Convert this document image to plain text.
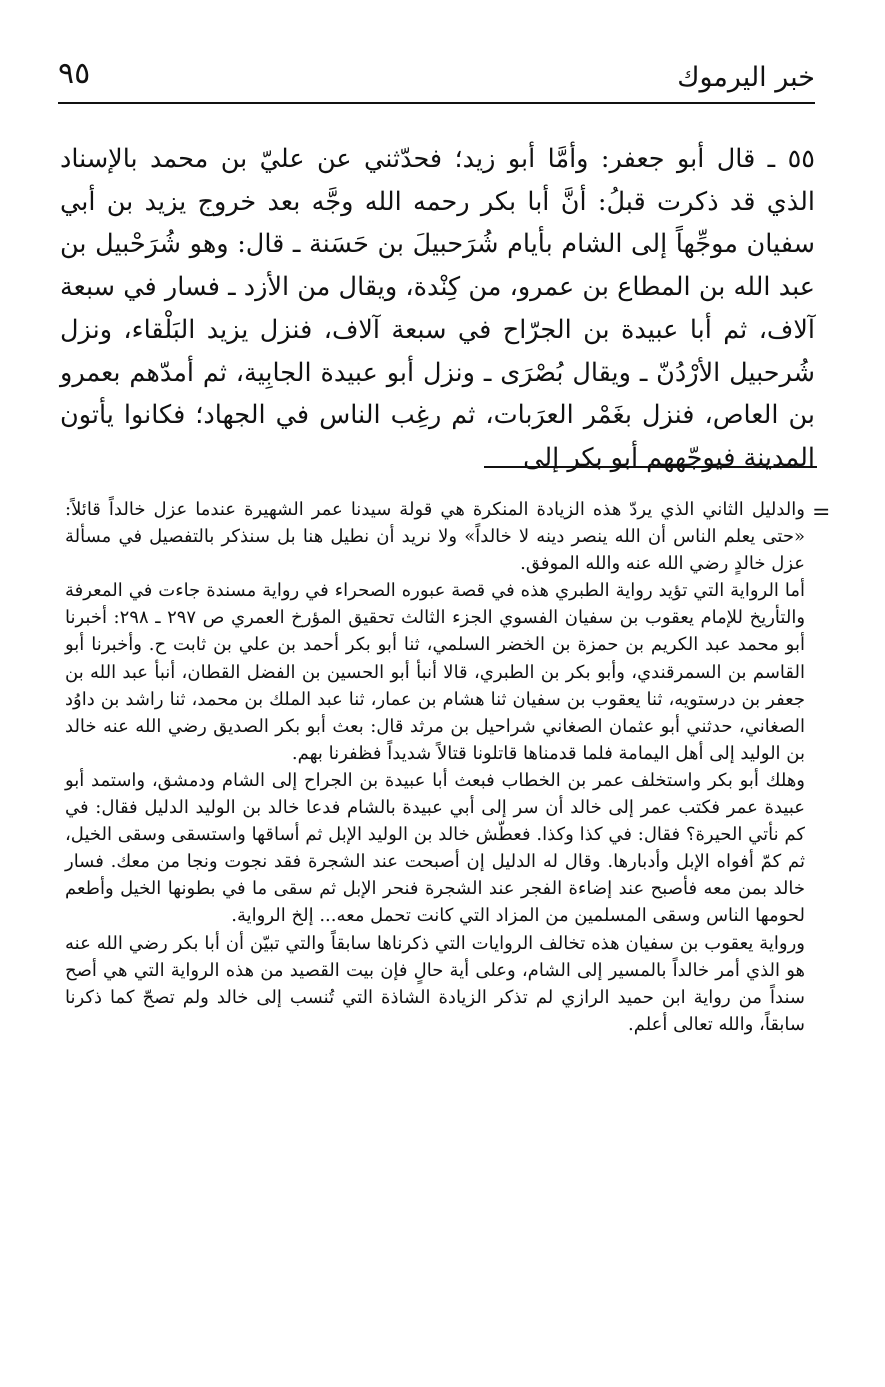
خبر اليرموك
٩٥

٥٥ ـ قال أبو جعفر: وأمَّا أبو زيد؛ فحدّثني عن عليّ بن محمد بالإسناد الذي قد ذكرت قبلُ: أنَّ أبا بكر رحمه الله وجَّه بعد خروج يزيد بن أبي سفيان موجِّهاً إلى الشام بأيام شُرَحبيلَ بن حَسَنة ـ قال: وهو شُرَحْبيل بن عبد الله بن المطاع بن عمرو، من كِنْدة، ويقال من الأزد ـ فسار في سبعة آلاف، ثم أبا عبيدة بن الجرّاح في سبعة آلاف، فنزل يزيد البَلْقاء، ونزل شُرحبيل الأرْدُنّ ـ ويقال بُصْرَى ـ ونزل أبو عبيدة الجابِية، ثم أمدّهم بعمرو بن العاص، فنزل بغَمْر العرَبات، ثم رغِب الناس في الجهاد؛ فكانوا يأتون المدينة فيوجّههم أبو بكر إلى

=

والدليل الثاني الذي يردّ هذه الزيادة المنكرة هي قولة سيدنا عمر الشهيرة عندما عزل خالداً قائلاً: «حتى يعلم الناس أن الله ينصر دينه لا خالداً» ولا نريد أن نطيل هنا بل سنذكر بالتفصيل في مسألة عزل خالدٍ رضي الله عنه والله الموفق.

أما الرواية التي تؤيد رواية الطبري هذه في قصة عبوره الصحراء في رواية مسندة جاءت في المعرفة والتأريخ للإمام يعقوب بن سفيان الفسوي الجزء الثالث تحقيق المؤرخ العمري ص ٢٩٧ ـ ٢٩٨: أخبرنا أبو محمد عبد الكريم بن حمزة بن الخضر السلمي، ثنا أبو بكر أحمد بن علي بن ثابت ح. وأخبرنا أبو القاسم بن السمرقندي، وأبو بكر بن الطبري، قالا أنبأ أبو الحسين بن الفضل القطان، أنبأ عبد الله بن جعفر بن درستويه، ثنا يعقوب بن سفيان ثنا هشام بن عمار، ثنا عبد الملك بن محمد، ثنا راشد بن داوُد الصغاني، حدثني أبو عثمان الصغاني شراحيل بن مرثد قال: بعث أبو بكر الصديق رضي الله عنه خالد بن الوليد إلى أهل اليمامة فلما قدمناها قاتلونا قتالاً شديداً فظفرنا بهم.

وهلك أبو بكر واستخلف عمر بن الخطاب فبعث أبا عبيدة بن الجراح إلى الشام ودمشق، واستمد أبو عبيدة عمر فكتب عمر إلى خالد أن سر إلى أبي عبيدة بالشام فدعا خالد بن الوليد الدليل فقال: في كم نأتي الحيرة؟ فقال: في كذا وكذا. فعطّش خالد بن الوليد الإبل ثم أساقها واستسقى وسقى الخيل، ثم كمّ أفواه الإبل وأدبارها. وقال له الدليل إن أصبحت عند الشجرة فقد نجوت ونجا من معك. فسار خالد بمن معه فأصبح عند إضاءة الفجر عند الشجرة فنحر الإبل ثم سقى ما في بطونها الخيل وأطعم لحومها الناس وسقى المسلمين من المزاد التي كانت تحمل معه... إلخ الرواية.

ورواية يعقوب بن سفيان هذه تخالف الروايات التي ذكرناها سابقاً والتي تبيّن أن أبا بكر رضي الله عنه هو الذي أمر خالداً بالمسير إلى الشام، وعلى أية حالٍ فإن بيت القصيد من هذه الرواية التي هي أصح سنداً من رواية ابن حميد الرازي لم تذكر الزيادة الشاذة التي تُنسب إلى خالد ولم تصحّ كما ذكرنا سابقاً، والله تعالى أعلم.
